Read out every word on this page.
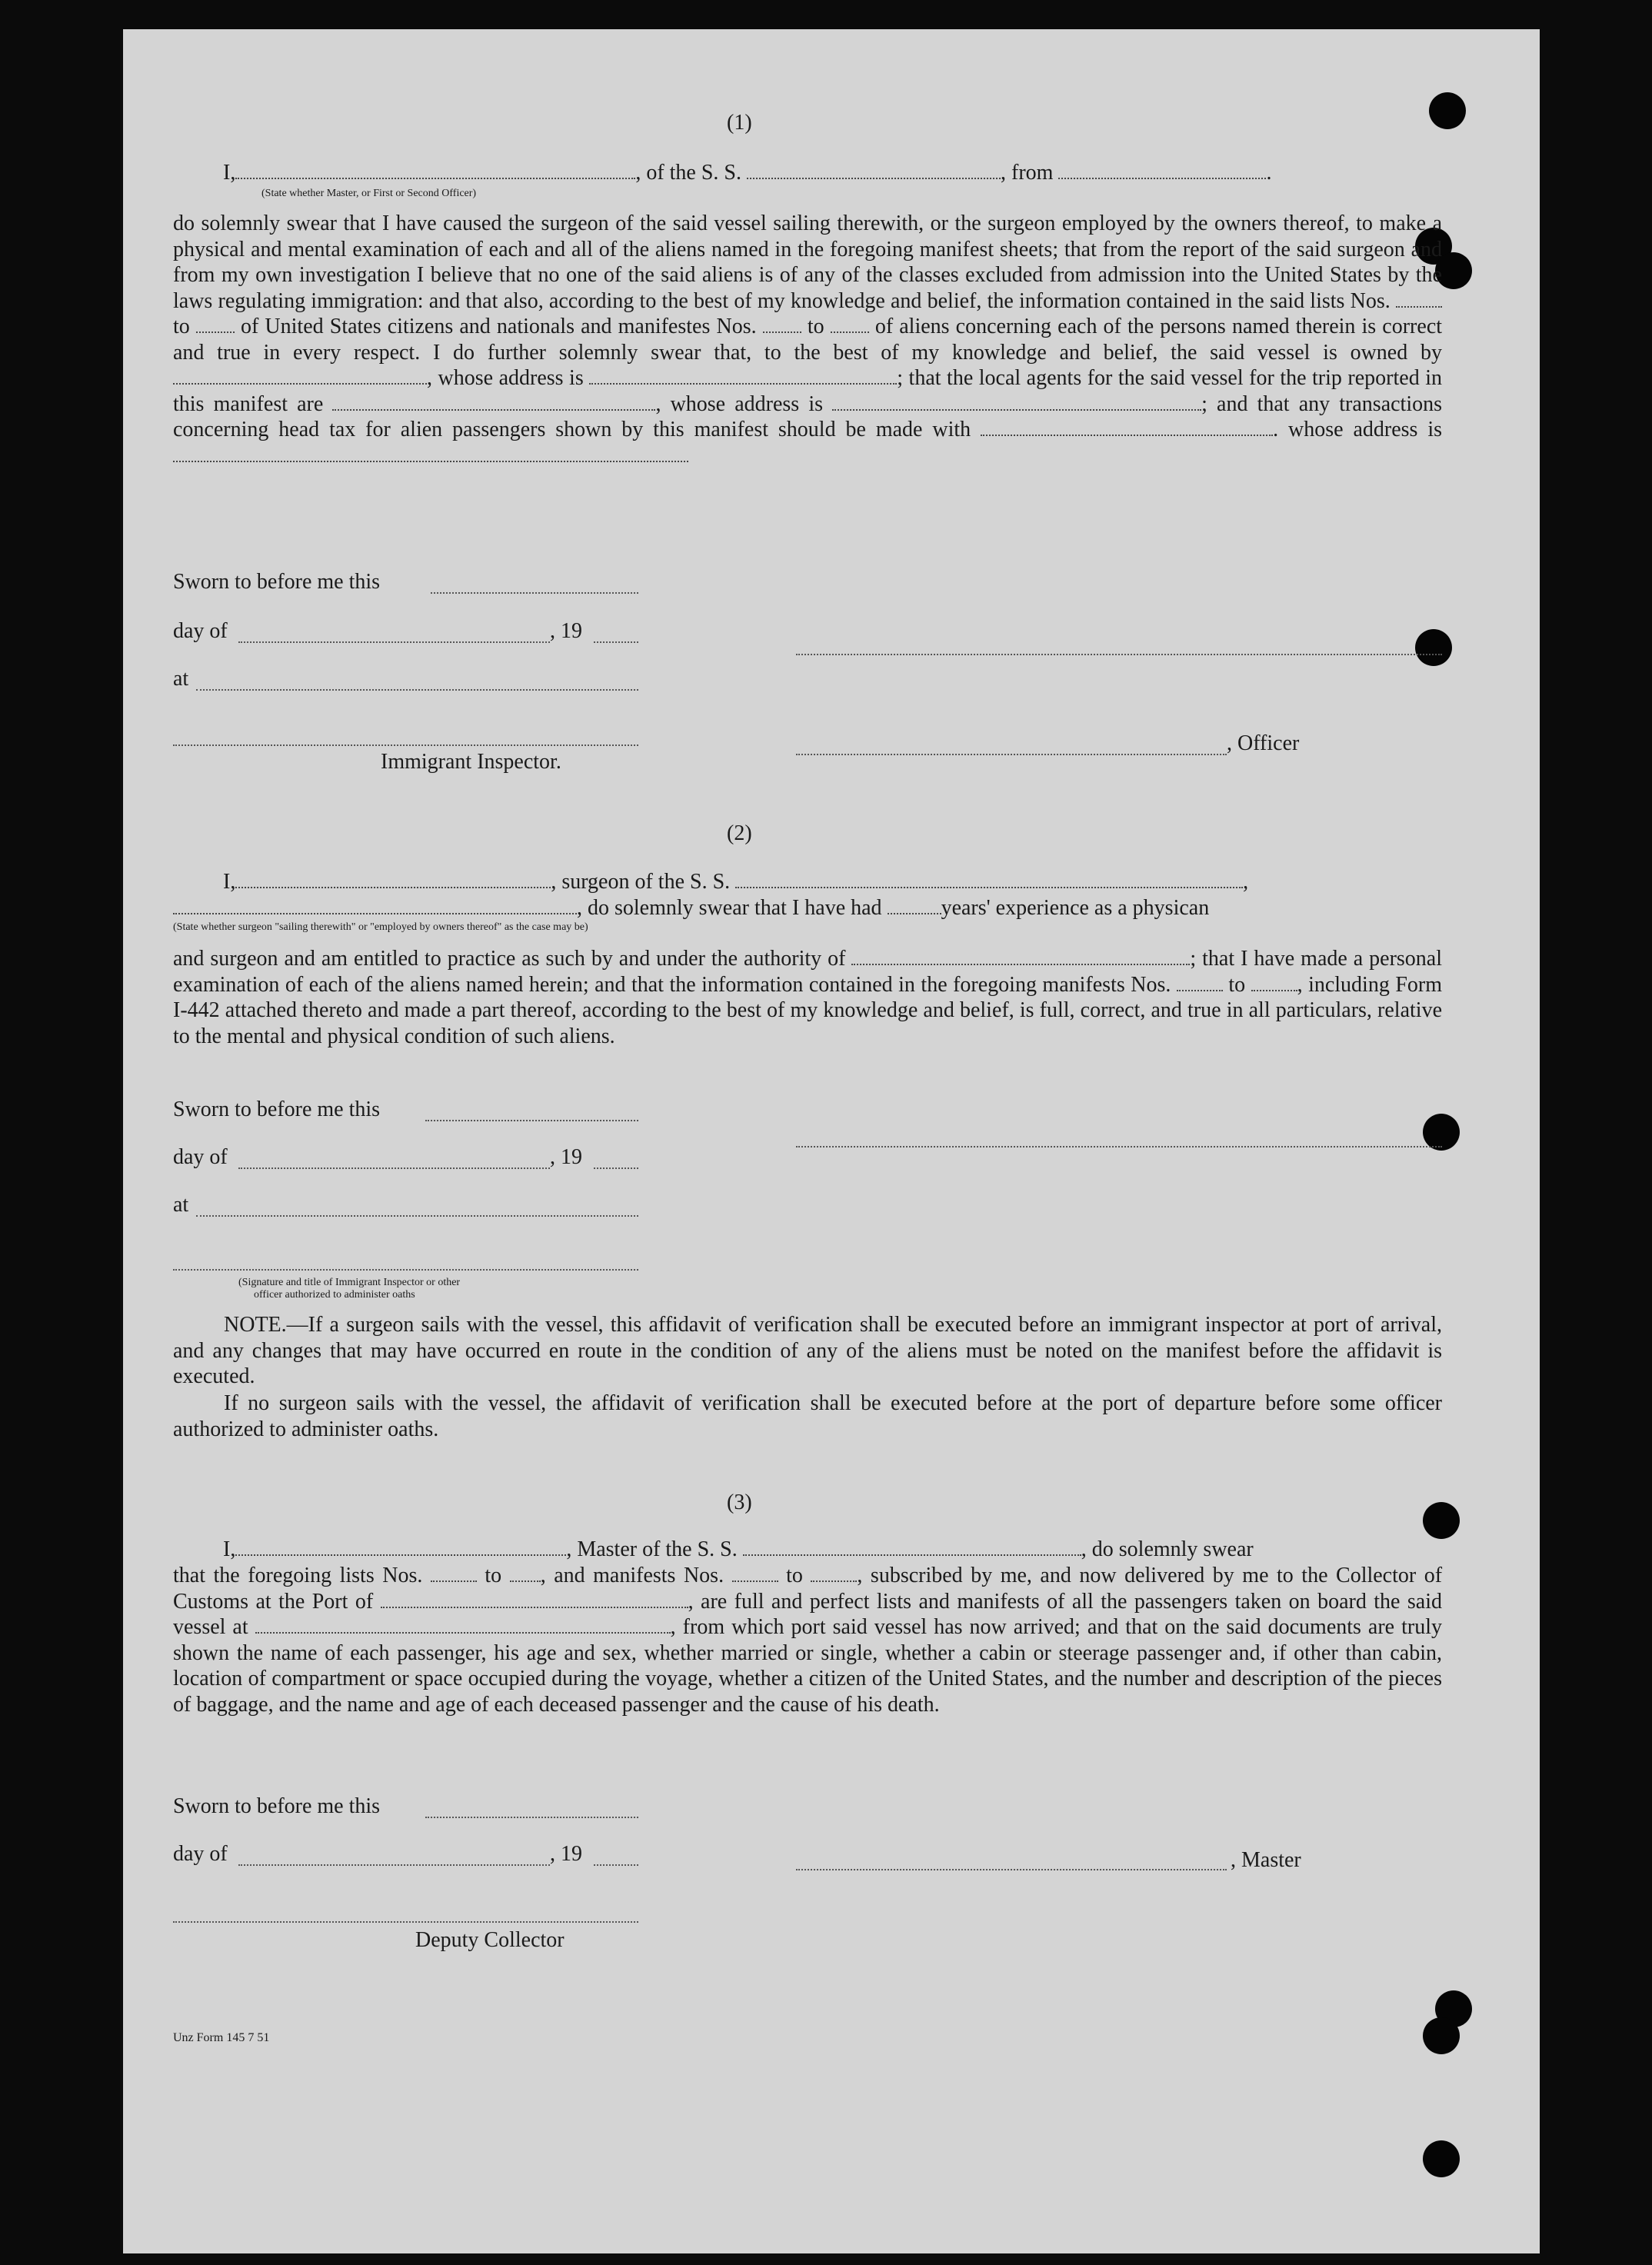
(1)
I,	, of the S. S.	, from	.
(State whether Master, or First or Second Officer)
do solemnly swear that I have caused the surgeon of the said vessel sailing therewith, or the surgeon employed by the owners thereof, to make a physical and mental examination of each and all of the aliens named in the foregoing manifest sheets; that from the report of the said surgeon and from my own investigation I believe that no one of the said aliens is of any of the classes excluded from admission into the United States by the laws regulating immigration: and that also, according to the best of my knowledge and belief, the information contained in the said lists Nos.  to of United States citizens and nationals and manifestes Nos. to of aliens concerning each of the persons named therein is correct and true in every respect. I do further solemnly swear that, to the best of my knowledge and belief, the said vessel is owned by , whose address is	; that the local agents for the said vessel for the trip reported in this manifest are	, whose address is	; and that any transactions concerning head tax for alien passengers shown by this manifest should be made with	. whose address is
Sworn to before me this
day of	, 19
at
, Officer
Immigrant Inspector.
(2)
I,	, surgeon of the S. S.	,
, do solemnly swear that I have had	years' experience as a physican
(State whether surgeon "sailing therewith" or "employed by owners thereof" as the case may be)
and surgeon and am entitled to practice as such by and under the authority of	; that I have made a personal examination of each of the aliens named herein; and that the information contained in the foregoing manifests Nos.	to , including Form I-442 attached thereto and made a part thereof, according to the best of my knowledge and belief, is full, correct, and true in all particulars, relative to the mental and physical condition of such aliens.
Sworn to before me this
day of	, 19
at
(Signature and title of Immigrant Inspector or other
officer authorized to administer oaths
NOTE.—If a surgeon sails with the vessel, this affidavit of verification shall be executed before an immigrant inspector at port of arrival, and any changes that may have occurred en route in the condition of any of the aliens must be noted on the manifest before the affidavit is executed.
If no surgeon sails with the vessel, the affidavit of verification shall be executed before at the port of departure before some officer authorized to administer oaths.
(3)
I,	, Master of the S. S.	, do solemnly swear
that the foregoing lists Nos.	to , and manifests Nos.	to	, subscribed by me, and now delivered by me to the Collector of Customs at the Port of	, are full and perfect lists and manifests of all the passengers taken on board the said vessel at	, from which port said vessel has now arrived; and that on the said documents are truly shown the name of each passenger, his age and sex, whether married or single, whether a cabin or steerage passenger and, if other than cabin, location of compartment or space occupied during the voyage, whether a citizen of the United States, and the number and description of the pieces of baggage, and the name and age of each deceased passenger and the cause of his death.
Sworn to before me this
day of	, 19	, Master
Deputy Collector
Unz Form 145 7 51
